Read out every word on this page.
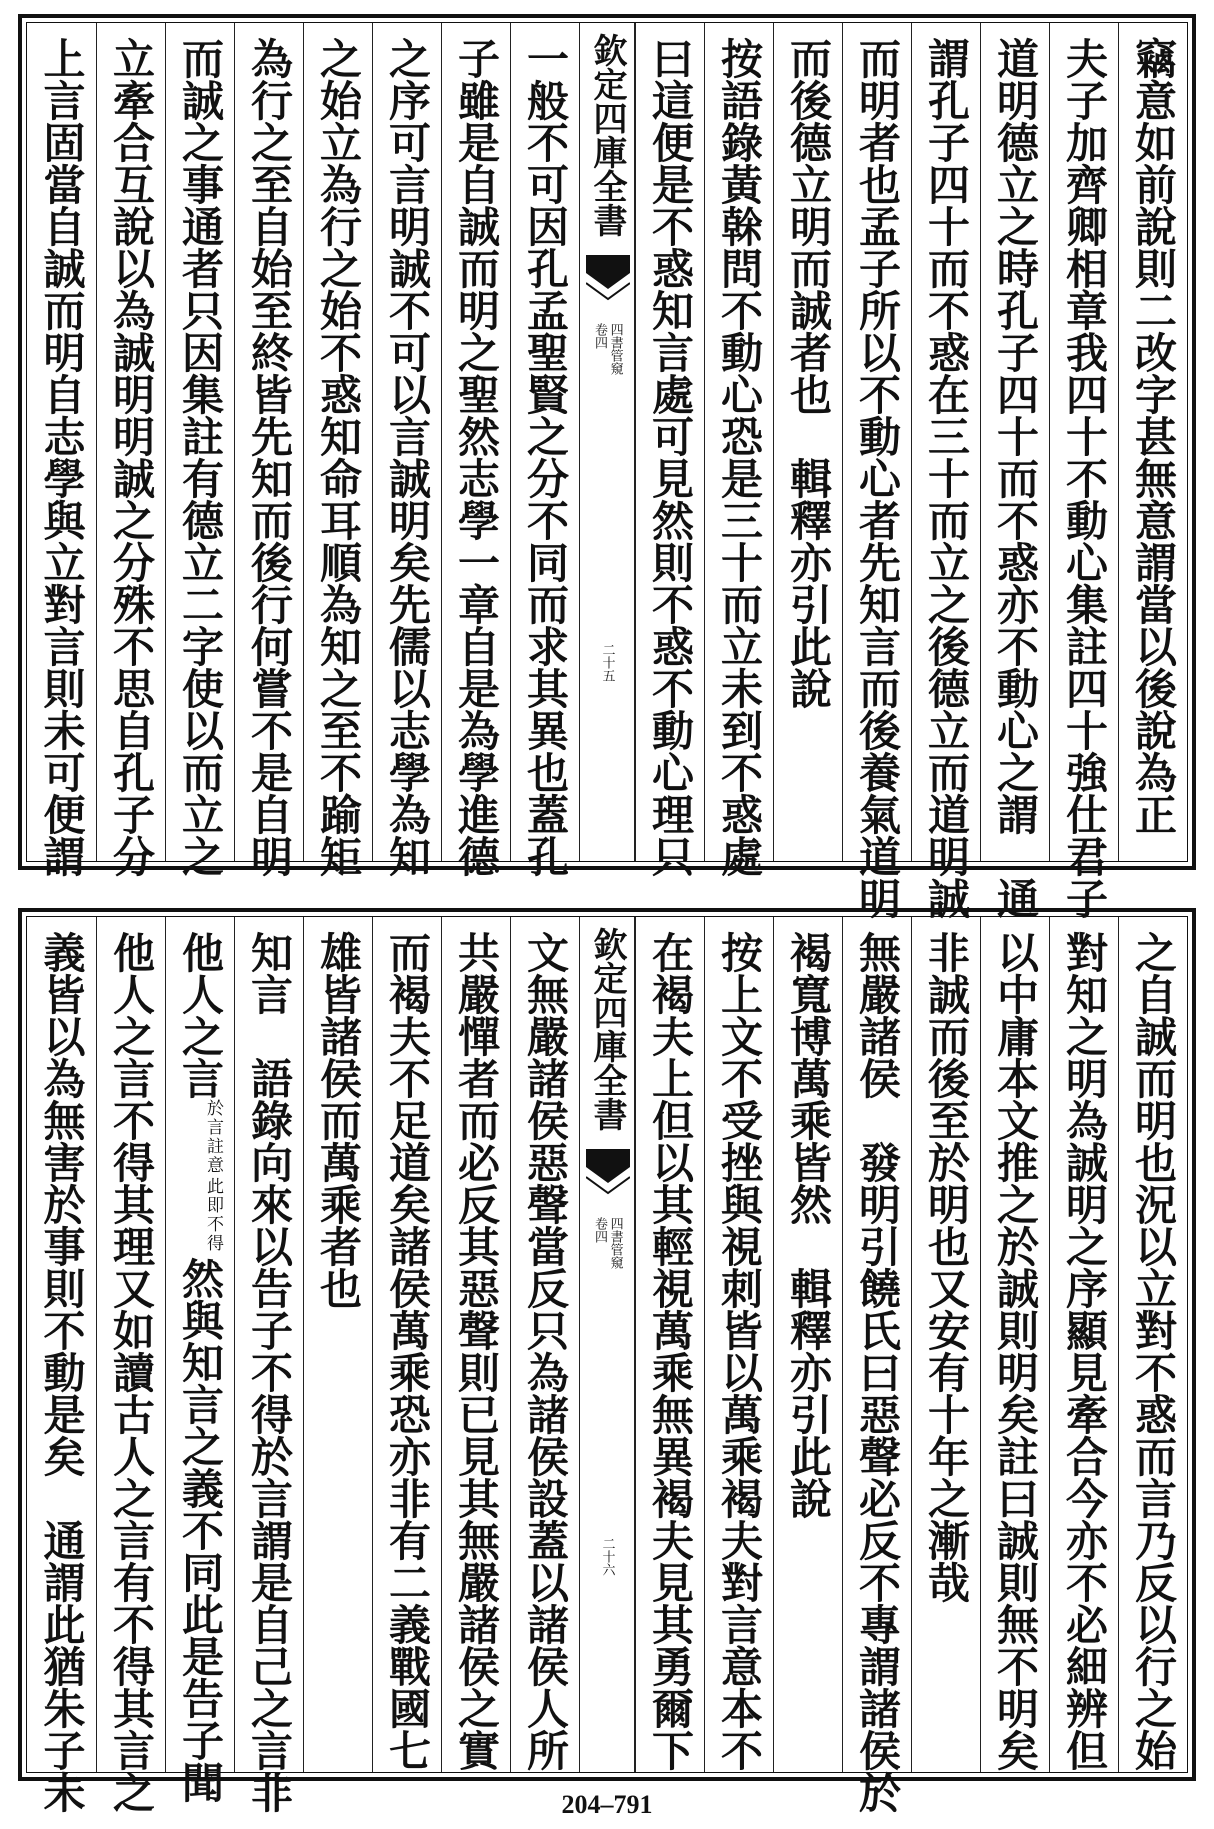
竊意如前說則二改字甚無意謂當以後說為正
夫子加齊卿相章我四十不動心集註四十強仕君子
道明德立之時孔子四十而不惑亦不動心之謂　通
謂孔子四十而不惑在三十而立之後德立而道明誠
而明者也孟子所以不動心者先知言而後養氣道明
而後德立明而誠者也　輯釋亦引此說
按語錄黃榦問不動心恐是三十而立未到不惑處
曰這便是不惑知言處可見然則不惑不動心理只
欽定四庫全書
四書管窺
卷四
二十五
一般不可因孔孟聖賢之分不同而求其異也蓋孔
子雖是自誠而明之聖然志學一章自是為學進德
之序可言明誠不可以言誠明矣先儒以志學為知
之始立為行之始不惑知命耳順為知之至不踰矩
為行之至自始至終皆先知而後行何嘗不是自明
而誠之事通者只因集註有德立二字使以而立之
立牽合互說以為誠明明誠之分殊不思自孔子分
上言固當自誠而明自志學與立對言則未可便謂
之自誠而明也況以立對不惑而言乃反以行之始
對知之明為誠明之序顯見牽合今亦不必細辨但
以中庸本文推之於誠則明矣註曰誠則無不明矣
非誠而後至於明也又安有十年之漸哉
無嚴諸侯　發明引饒氏曰惡聲必反不專謂諸侯於
褐寬博萬乘皆然　輯釋亦引此說
按上文不受挫與視刺皆以萬乘褐夫對言意本不
在褐夫上但以其輕視萬乘無異褐夫見其勇爾下
欽定四庫全書
四書管窺
卷四
二十六
文無嚴諸侯惡聲當反只為諸侯設蓋以諸侯人所
共嚴憚者而必反其惡聲則已見其無嚴諸侯之實
而褐夫不足道矣諸侯萬乘恐亦非有二義戰國七
雄皆諸侯而萬乘者也
知言　語錄向來以告子不得於言謂是自己之言非
他人之言
此即不得
於言註意
然與知言之義不同此是告子聞
他人之言不得其理又如讀古人之言有不得其言之
義皆以為無害於事則不動是矣　通謂此猶朱子未	204–791
